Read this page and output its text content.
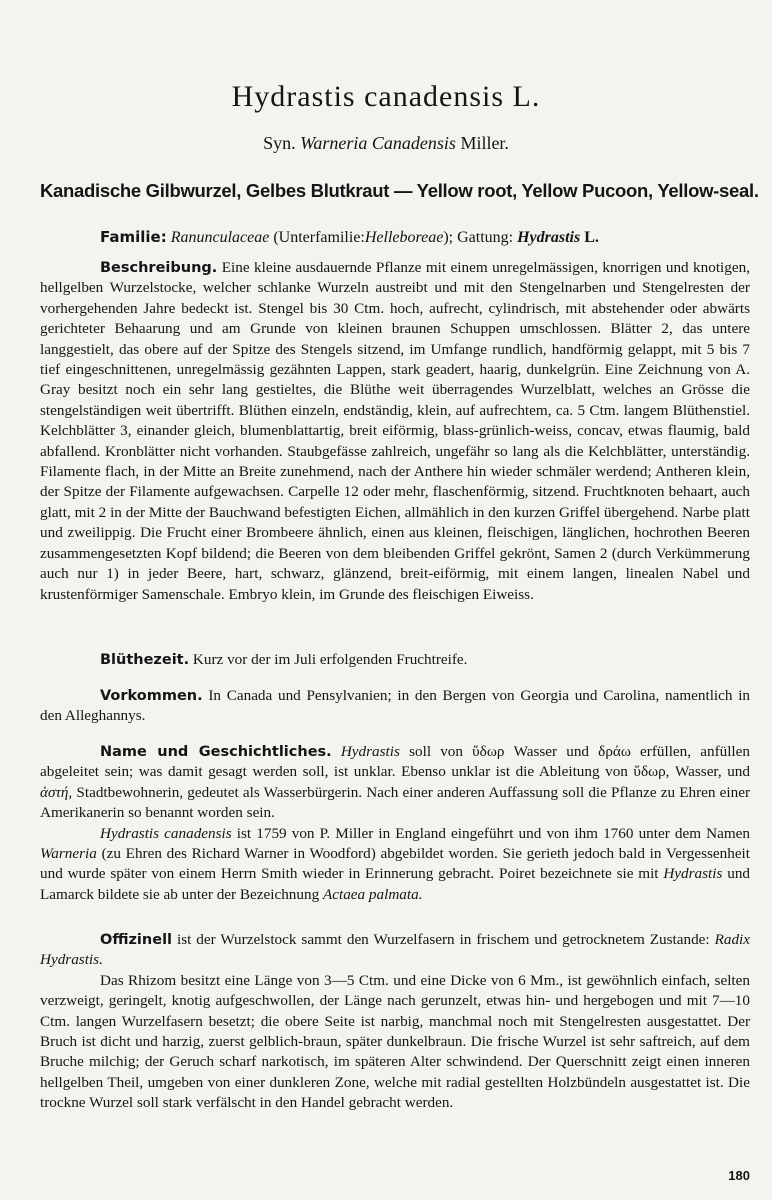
Hydrastis canadensis L.
Syn. Warneria Canadensis Miller.
Kanadische Gilbwurzel, Gelbes Blutkraut — Yellow root, Yellow Pucoon, Yellow-seal.
Familie: Ranunculaceae (Unterfamilie:Helleboreae); Gattung: Hydrastis L.

Beschreibung. Eine kleine ausdauernde Pflanze mit einem unregelmässigen, knorrigen und knotigen, hellgelben Wurzelstocke, welcher schlanke Wurzeln austreibt und mit den Stengelnarben und Stengelresten der vorhergehenden Jahre bedeckt ist. Stengel bis 30 Ctm. hoch, aufrecht, cylindrisch, mit abstehender oder abwärts gerichteter Behaarung und am Grunde von kleinen braunen Schuppen umschlossen. Blätter 2, das untere langgestielt, das obere auf der Spitze des Stengels sitzend, im Umfange rundlich, handförmig gelappt, mit 5 bis 7 tief eingeschnittenen, unregelmässig gezähnten Lappen, stark geadert, haarig, dunkelgrün. Eine Zeichnung von A. Gray besitzt noch ein sehr lang gestieltes, die Blüthe weit überragendes Wurzelblatt, welches an Grösse die stengelständigen weit übertrifft. Blüthen einzeln, endständig, klein, auf aufrechtem, ca. 5 Ctm. langem Blüthenstiel. Kelchblätter 3, einander gleich, blumenblattartig, breit eiförmig, blass-grünlich-weiss, concav, etwas flaumig, bald abfallend. Kronblätter nicht vorhanden. Staubgefässe zahlreich, ungefähr so lang als die Kelchblätter, unterständig. Filamente flach, in der Mitte an Breite zunehmend, nach der Anthere hin wieder schmäler werdend; Antheren klein, der Spitze der Filamente aufgewachsen. Carpelle 12 oder mehr, flaschenförmig, sitzend. Fruchtknoten behaart, auch glatt, mit 2 in der Mitte der Bauchwand befestigten Eichen, allmählich in den kurzen Griffel übergehend. Narbe platt und zweilippig. Die Frucht einer Brombeere ähnlich, einen aus kleinen, fleischigen, länglichen, hochrothen Beeren zusammengesetzten Kopf bildend; die Beeren von dem bleibenden Griffel gekrönt, Samen 2 (durch Verkümmerung auch nur 1) in jeder Beere, hart, schwarz, glänzend, breit-eiförmig, mit einem langen, linealen Nabel und krustenförmiger Samenschale. Embryo klein, im Grunde des fleischigen Eiweiss.

Blüthezeit. Kurz vor der im Juli erfolgenden Fruchtreife.

Vorkommen. In Canada und Pensylvanien; in den Bergen von Georgia und Carolina, namentlich in den Alleghannys.

Name und Geschichtliches. Hydrastis soll von ὕδωρ Wasser und δράω erfüllen, anfüllen abgeleitet sein; was damit gesagt werden soll, ist unklar. Ebenso unklar ist die Ableitung von ὕδωρ, Wasser, und ἀστή, Stadtbewohnerin, gedeutet als Wasserbürgerin. Nach einer anderen Auffassung soll die Pflanze zu Ehren einer Amerikanerin so benannt worden sein.

Hydrastis canadensis ist 1759 von P. Miller in England eingeführt und von ihm 1760 unter dem Namen Warneria (zu Ehren des Richard Warner in Woodford) abgebildet worden. Sie gerieth jedoch bald in Vergessenheit und wurde später von einem Herrn Smith wieder in Erinnerung gebracht. Poiret bezeichnete sie mit Hydrastis und Lamarck bildete sie ab unter der Bezeichnung Actaea palmata.

Offizinell ist der Wurzelstock sammt den Wurzelfasern in frischem und getrocknetem Zustande: Radix Hydrastis.

Das Rhizom besitzt eine Länge von 3—5 Ctm. und eine Dicke von 6 Mm., ist gewöhnlich einfach, selten verzweigt, geringelt, knotig aufgeschwollen, der Länge nach gerunzelt, etwas hin- und hergebogen und mit 7—10 Ctm. langen Wurzelfasern besetzt; die obere Seite ist narbig, manchmal noch mit Stengelresten ausgestattet. Der Bruch ist dicht und harzig, zuerst gelblich-braun, später dunkelbraun. Die frische Wurzel ist sehr saftreich, auf dem Bruche milchig; der Geruch scharf narkotisch, im späteren Alter schwindend. Der Querschnitt zeigt einen inneren hellgelben Theil, umgeben von einer dunkleren Zone, welche mit radial gestellten Holzbündeln ausgestattet ist. Die trockne Wurzel soll stark verfälscht in den Handel gebracht werden.

180
